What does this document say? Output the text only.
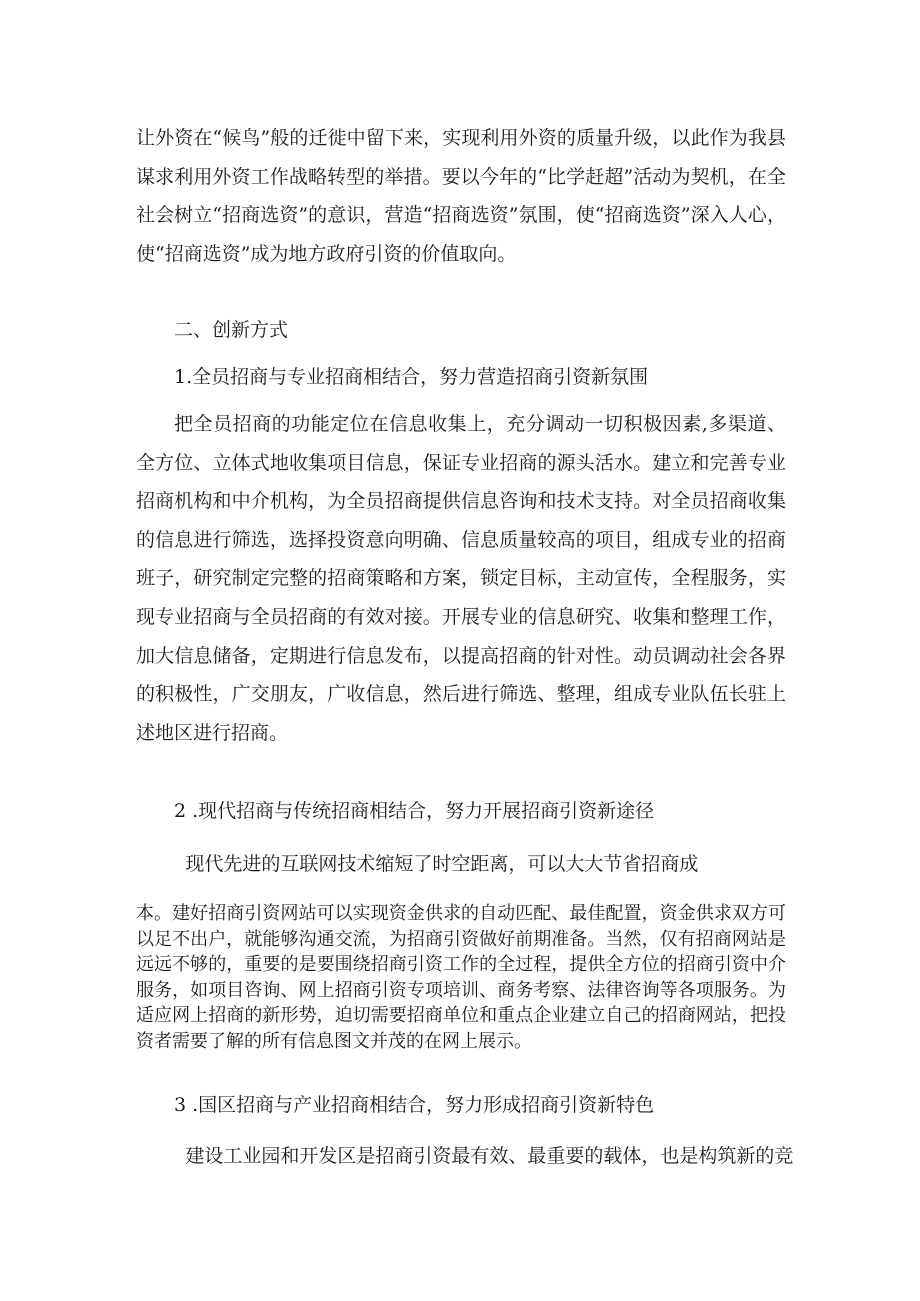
让外资在“候鸟”般的迁徙中留下来，实现利用外资的质量升级，以此作为我县谋求利用外资工作战略转型的举措。要以今年的“比学赶超”活动为契机，在全社会树立“招商选资”的意识，营造“招商选资”氛围，使“招商选资”深入人心，使“招商选资”成为地方政府引资的价值取向。

二、创新方式

1.全员招商与专业招商相结合，努力营造招商引资新氛围

把全员招商的功能定位在信息收集上，充分调动一切积极因素,多渠道、全方位、立体式地收集项目信息，保证专业招商的源头活水。建立和完善专业招商机构和中介机构，为全员招商提供信息咨询和技术支持。对全员招商收集的信息进行筛选，选择投资意向明确、信息质量较高的项目，组成专业的招商班子，研究制定完整的招商策略和方案，锁定目标，主动宣传，全程服务，实现专业招商与全员招商的有效对接。开展专业的信息研究、收集和整理工作，加大信息储备，定期进行信息发布，以提高招商的针对性。动员调动社会各界的积极性，广交朋友，广收信息，然后进行筛选、整理，组成专业队伍长驻上述地区进行招商。

2 .现代招商与传统招商相结合，努力开展招商引资新途径

现代先进的互联网技术缩短了时空距离，可以大大节省招商成

本。建好招商引资网站可以实现资金供求的自动匹配、最佳配置，资金供求双方可以足不出户，就能够沟通交流，为招商引资做好前期准备。当然，仅有招商网站是远远不够的，重要的是要围绕招商引资工作的全过程，提供全方位的招商引资中介服务，如项目咨询、网上招商引资专项培训、商务考察、法律咨询等各项服务。为适应网上招商的新形势，迫切需要招商单位和重点企业建立自己的招商网站，把投资者需要了解的所有信息图文并茂的在网上展示。

3 .国区招商与产业招商相结合，努力形成招商引资新特色

建设工业园和开发区是招商引资最有效、最重要的载体，也是构筑新的竞
